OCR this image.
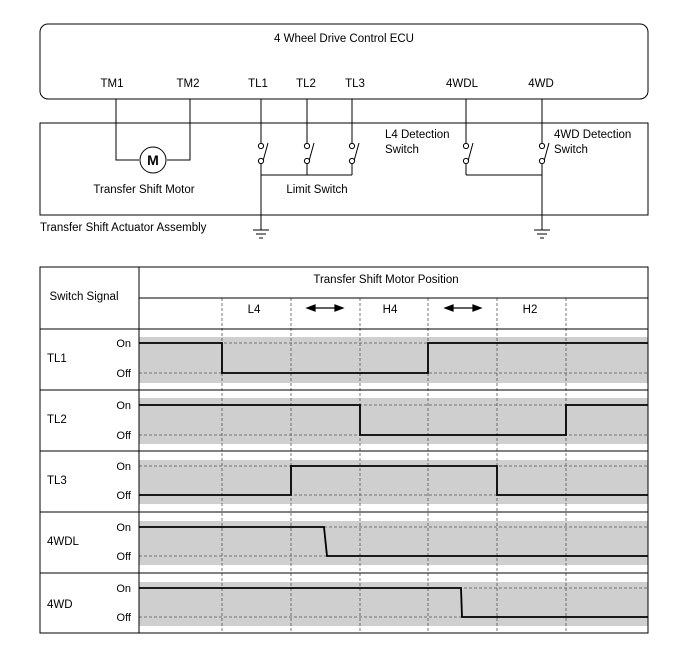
4 Wheel Drive Control ECU
TM1	TM2	TL1 TL2	TL3	4WDL	4WD
M
Transfer Shift Motor	Limit Switch
L4 Detection
Switch
4WD Detection
Switch
Transfer Shift Actuator Assembly
Switch Signal
Transfer Shift Motor Position
L4	H4	H2
TL1
TL2
TL3
4WDL
4WD
On
Off
On
Off
On
Off
On
Off
On
Off
